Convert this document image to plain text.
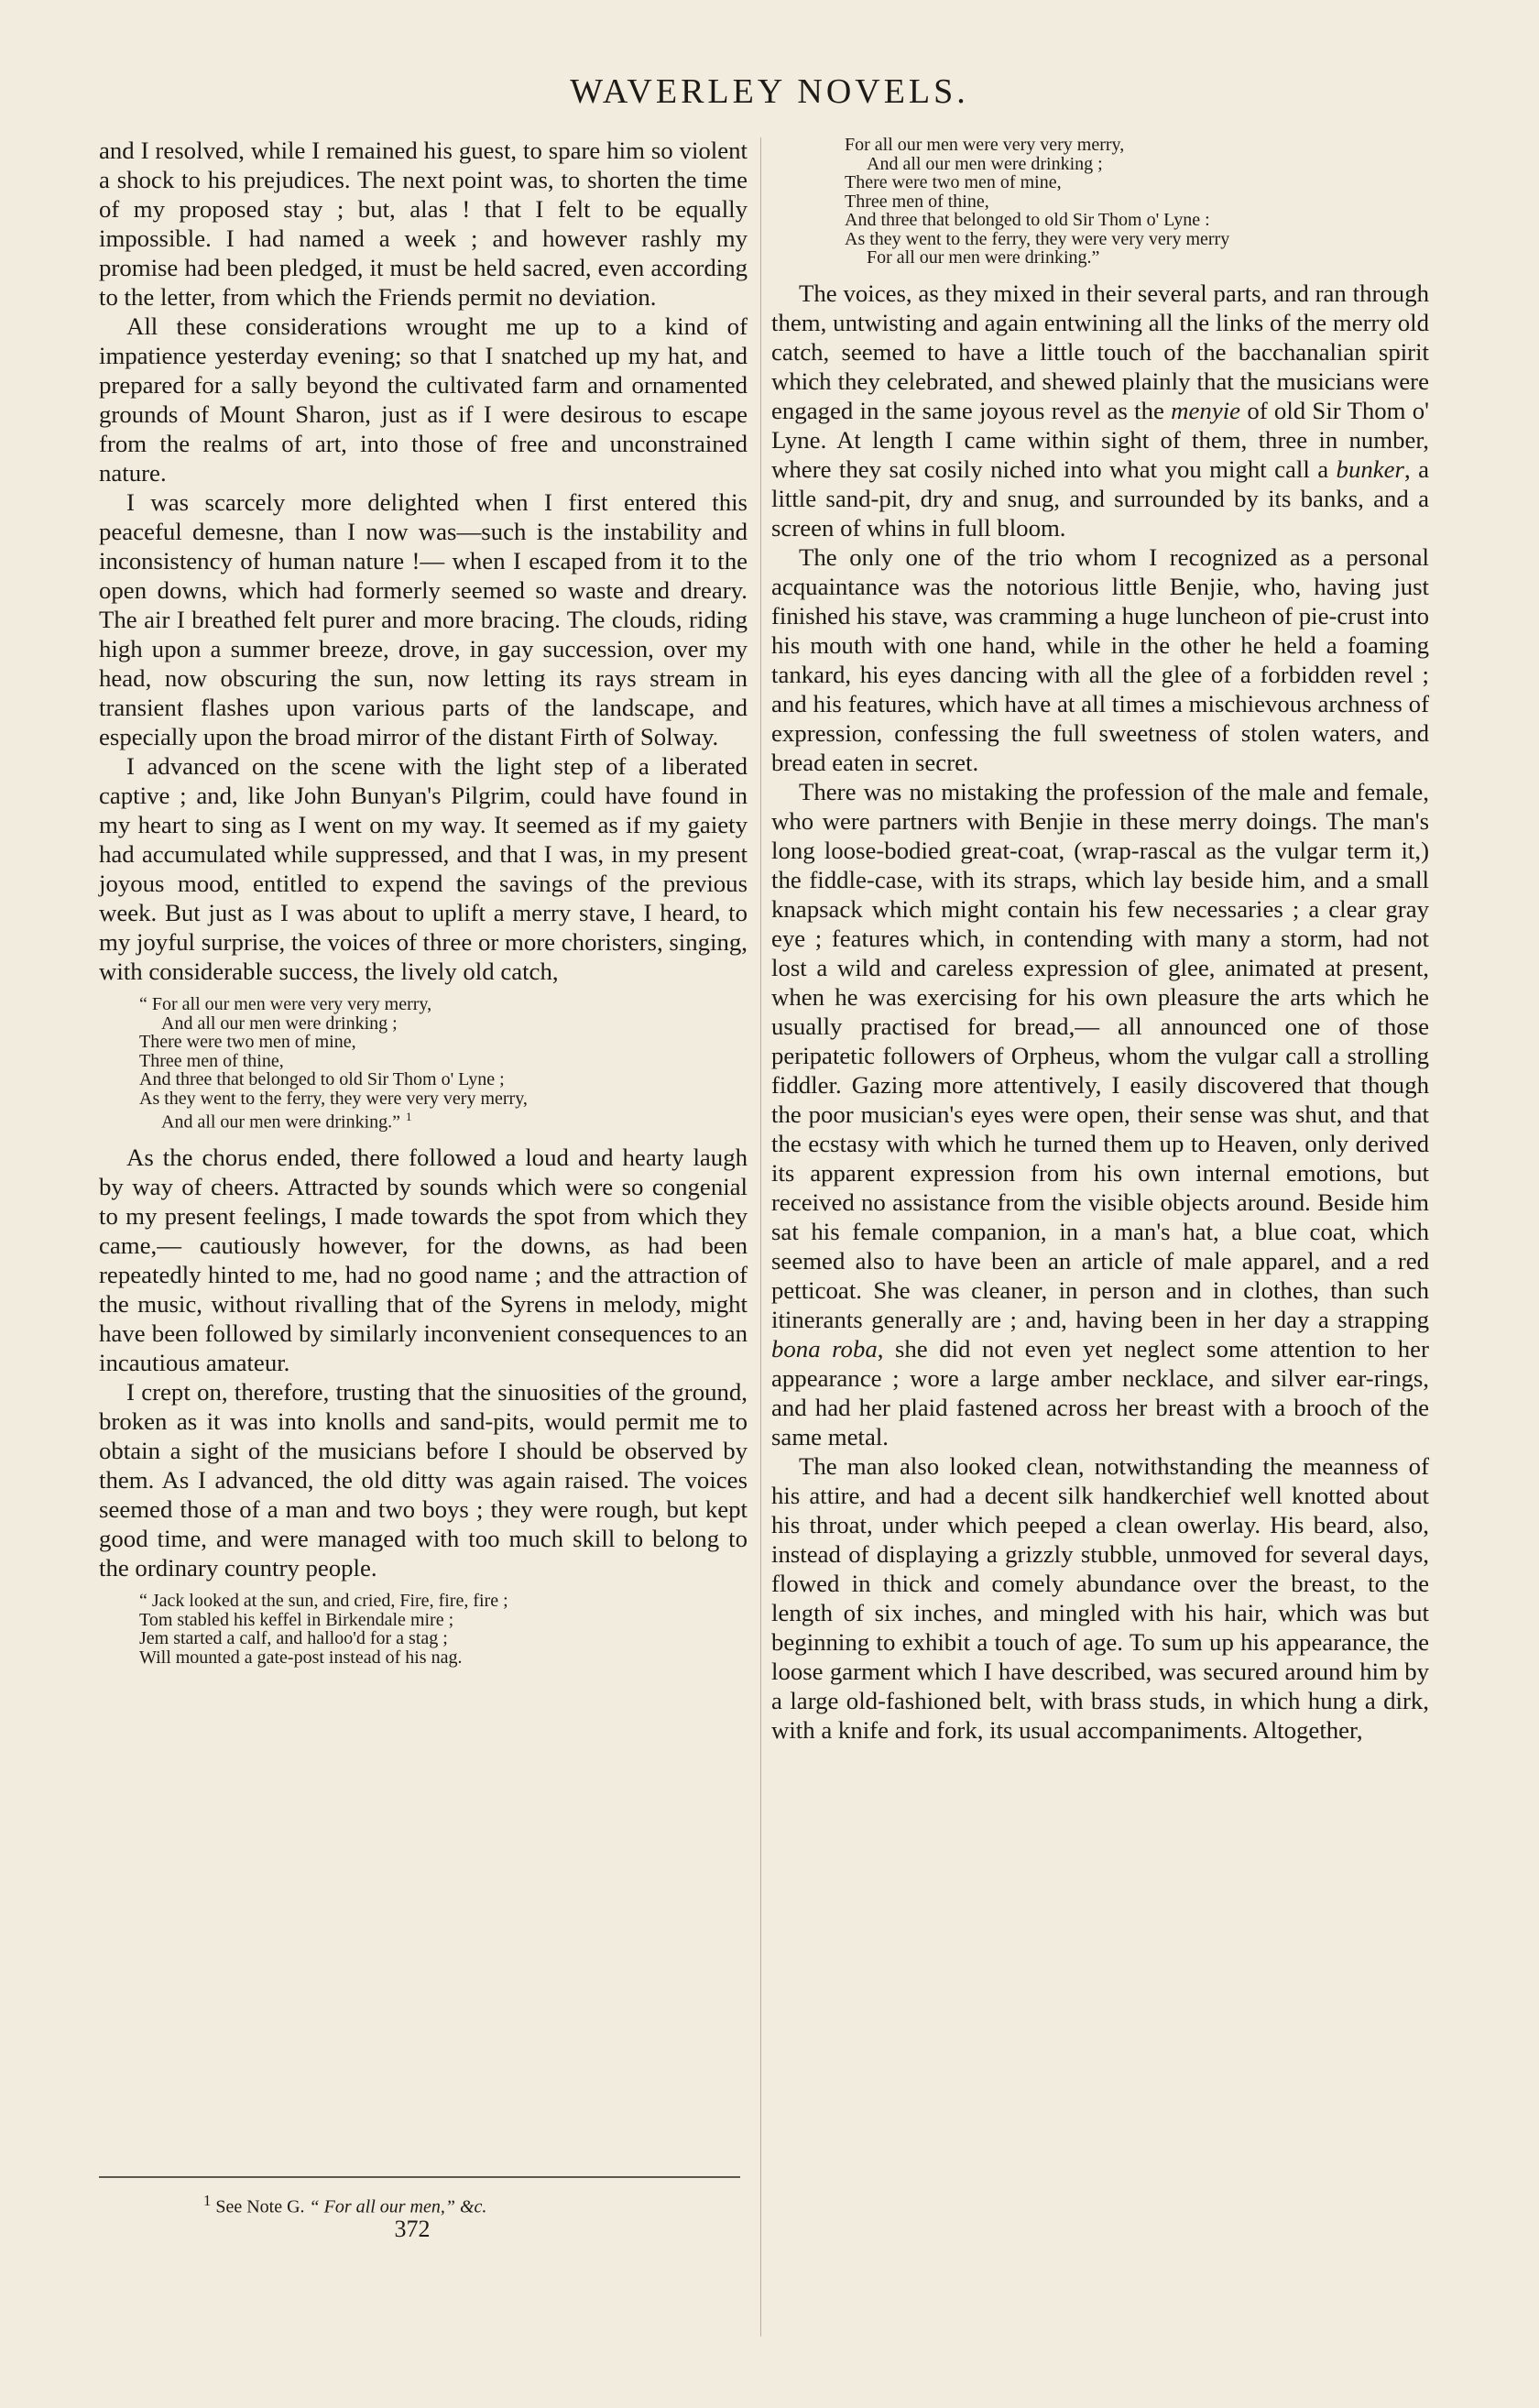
WAVERLEY NOVELS.

and I resolved, while I remained his guest, to spare him so violent a shock to his prejudices. The next point was, to shorten the time of my proposed stay ; but, alas ! that I felt to be equally impossible. I had named a week ; and however rashly my promise had been pledged, it must be held sacred, even according to the letter, from which the Friends permit no deviation.

All these considerations wrought me up to a kind of impatience yesterday evening; so that I snatched up my hat, and prepared for a sally beyond the cultivated farm and ornamented grounds of Mount Sharon, just as if I were desirous to escape from the realms of art, into those of free and unconstrained nature.

I was scarcely more delighted when I first entered this peaceful demesne, than I now was—such is the instability and inconsistency of human nature !— when I escaped from it to the open downs, which had formerly seemed so waste and dreary. The air I breathed felt purer and more bracing. The clouds, riding high upon a summer breeze, drove, in gay succession, over my head, now obscuring the sun, now letting its rays stream in transient flashes upon various parts of the landscape, and especially upon the broad mirror of the distant Firth of Solway.

I advanced on the scene with the light step of a liberated captive ; and, like John Bunyan's Pilgrim, could have found in my heart to sing as I went on my way. It seemed as if my gaiety had accumulated while suppressed, and that I was, in my present joyous mood, entitled to expend the savings of the previous week. But just as I was about to uplift a merry stave, I heard, to my joyful surprise, the voices of three or more choristers, singing, with considerable success, the lively old catch,

“ For all our men were very very merry,
And all our men were drinking ;
There were two men of mine,
Three men of thine,
And three that belonged to old Sir Thom o' Lyne ;
As they went to the ferry, they were very very merry,
And all our men were drinking.” $^1$

As the chorus ended, there followed a loud and hearty laugh by way of cheers. Attracted by sounds which were so congenial to my present feelings, I made towards the spot from which they came,— cautiously however, for the downs, as had been repeatedly hinted to me, had no good name ; and the attraction of the music, without rivalling that of the Syrens in melody, might have been followed by similarly inconvenient consequences to an incautious amateur.

I crept on, therefore, trusting that the sinuosities of the ground, broken as it was into knolls and sand-pits, would permit me to obtain a sight of the musicians before I should be observed by them. As I advanced, the old ditty was again raised. The voices seemed those of a man and two boys ; they were rough, but kept good time, and were managed with too much skill to belong to the ordinary country people.

“ Jack looked at the sun, and cried, Fire, fire, fire ;
Tom stabled his keffel in Birkendale mire ;
Jem started a calf, and halloo'd for a stag ;
Will mounted a gate-post instead of his nag.
For all our men were very very merry,
And all our men were drinking ;
There were two men of mine,
Three men of thine,
And three that belonged to old Sir Thom o' Lyne :
As they went to the ferry, they were very very merry
For all our men were drinking.”

The voices, as they mixed in their several parts, and ran through them, untwisting and again entwining all the links of the merry old catch, seemed to have a little touch of the bacchanalian spirit which they celebrated, and shewed plainly that the musicians were engaged in the same joyous revel as the menyie of old Sir Thom o' Lyne. At length I came within sight of them, three in number, where they sat cosily niched into what you might call a bunker, a little sand-pit, dry and snug, and surrounded by its banks, and a screen of whins in full bloom.

The only one of the trio whom I recognized as a personal acquaintance was the notorious little Benjie, who, having just finished his stave, was cramming a huge luncheon of pie-crust into his mouth with one hand, while in the other he held a foaming tankard, his eyes dancing with all the glee of a forbidden revel ; and his features, which have at all times a mischievous archness of expression, confessing the full sweetness of stolen waters, and bread eaten in secret.

There was no mistaking the profession of the male and female, who were partners with Benjie in these merry doings. The man's long loose-bodied great-coat, (wrap-rascal as the vulgar term it,) the fiddle-case, with its straps, which lay beside him, and a small knapsack which might contain his few necessaries ; a clear gray eye ; features which, in contending with many a storm, had not lost a wild and careless expression of glee, animated at present, when he was exercising for his own pleasure the arts which he usually practised for bread,— all announced one of those peripatetic followers of Orpheus, whom the vulgar call a strolling fiddler. Gazing more attentively, I easily discovered that though the poor musician's eyes were open, their sense was shut, and that the ecstasy with which he turned them up to Heaven, only derived its apparent expression from his own internal emotions, but received no assistance from the visible objects around. Beside him sat his female companion, in a man's hat, a blue coat, which seemed also to have been an article of male apparel, and a red petticoat. She was cleaner, in person and in clothes, than such itinerants generally are ; and, having been in her day a strapping bona roba, she did not even yet neglect some attention to her appearance ; wore a large amber necklace, and silver ear-rings, and had her plaid fastened across her breast with a brooch of the same metal.

The man also looked clean, notwithstanding the meanness of his attire, and had a decent silk handkerchief well knotted about his throat, under which peeped a clean owerlay. His beard, also, instead of displaying a grizzly stubble, unmoved for several days, flowed in thick and comely abundance over the breast, to the length of six inches, and mingled with his hair, which was but beginning to exhibit a touch of age. To sum up his appearance, the loose garment which I have described, was secured around him by a large old-fashioned belt, with brass studs, in which hung a dirk, with a knife and fork, its usual accompaniments. Altogether,

$^1$ See Note G. “ For all our men,” &c.
372
